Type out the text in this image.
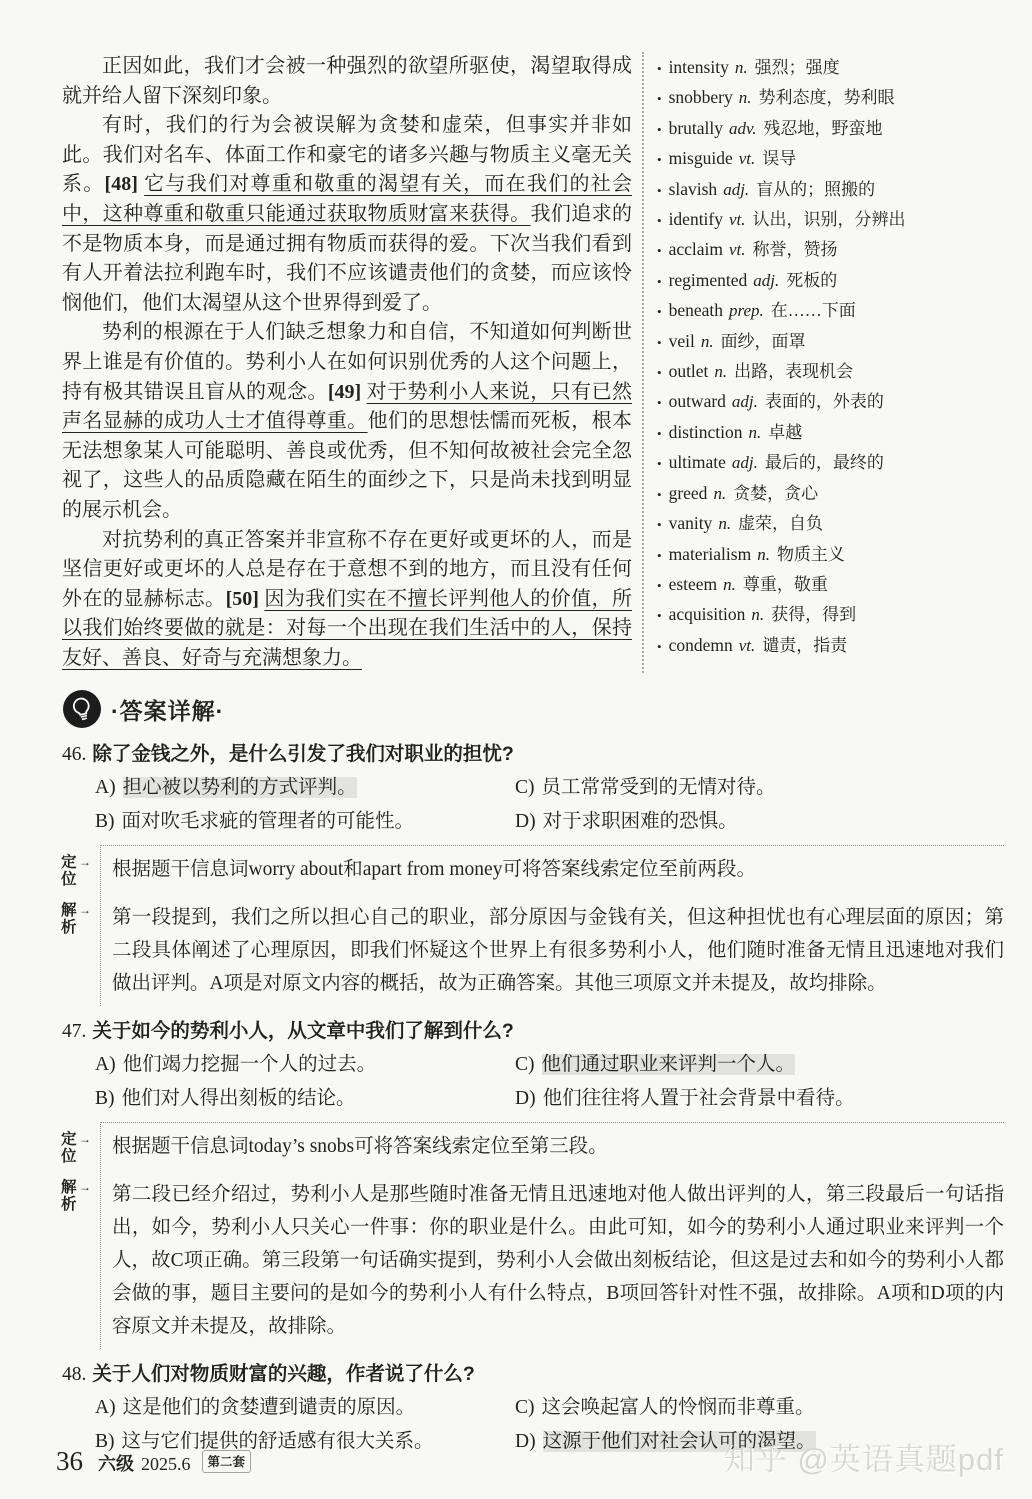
正因如此，我们才会被一种强烈的欲望所驱使，渴望取得成就并给人留下深刻印象。

有时，我们的行为会被误解为贪婪和虚荣，但事实并非如此。我们对名车、体面工作和豪宅的诸多兴趣与物质主义毫无关系。[48] 它与我们对尊重和敬重的渴望有关，而在我们的社会中，这种尊重和敬重只能通过获取物质财富来获得。我们追求的不是物质本身，而是通过拥有物质而获得的爱。下次当我们看到有人开着法拉利跑车时，我们不应该谴责他们的贪婪，而应该怜悯他们，他们太渴望从这个世界得到爱了。

势利的根源在于人们缺乏想象力和自信，不知道如何判断世界上谁是有价值的。势利小人在如何识别优秀的人这个问题上，持有极其错误且盲从的观念。[49] 对于势利小人来说，只有已然声名显赫的成功人士才值得尊重。他们的思想怯懦而死板，根本无法想象某人可能聪明、善良或优秀，但不知何故被社会完全忽视了，这些人的品质隐藏在陌生的面纱之下，只是尚未找到明显的展示机会。

对抗势利的真正答案并非宣称不存在更好或更坏的人，而是坚信更好或更坏的人总是存在于意想不到的地方，而且没有任何外在的显赫标志。[50] 因为我们实在不擅长评判他人的价值，所以我们始终要做的就是：对每一个出现在我们生活中的人，保持友好、善良、好奇与充满想象力。

• intensity n. 强烈；强度
• snobbery n. 势利态度，势利眼
• brutally adv. 残忍地，野蛮地
• misguide vt. 误导
• slavish adj. 盲从的；照搬的
• identify vt. 认出，识别，分辨出
• acclaim vt. 称誉，赞扬
• regimented adj. 死板的
• beneath prep. 在……下面
• veil n. 面纱，面罩
• outlet n. 出路，表现机会
• outward adj. 表面的，外表的
• distinction n. 卓越
• ultimate adj. 最后的，最终的
• greed n. 贪婪，贪心
• vanity n. 虚荣，自负
• materialism n. 物质主义
• esteem n. 尊重，敬重
• acquisition n. 获得，得到
• condemn vt. 谴责，指责
·答案详解·
46. 除了金钱之外，是什么引发了我们对职业的担忧?
A) 担心被以势利的方式评判。	C) 员工常常受到的无情对待。
B) 面对吹毛求疵的管理者的可能性。	D) 对于求职困难的恐惧。
定位→	根据题干信息词worry about和apart from money可将答案线索定位至前两段。
解析→	第一段提到，我们之所以担心自己的职业，部分原因与金钱有关，但这种担忧也有心理层面的原因；第二段具体阐述了心理原因，即我们怀疑这个世界上有很多势利小人，他们随时准备无情且迅速地对我们做出评判。A项是对原文内容的概括，故为正确答案。其他三项原文并未提及，故均排除。
47. 关于如今的势利小人，从文章中我们了解到什么?
A) 他们竭力挖掘一个人的过去。	C) 他们通过职业来评判一个人。
B) 他们对人得出刻板的结论。	D) 他们往往将人置于社会背景中看待。
定位→	根据题干信息词today’s snobs可将答案线索定位至第三段。
解析→	第二段已经介绍过，势利小人是那些随时准备无情且迅速地对他人做出评判的人，第三段最后一句话指出，如今，势利小人只关心一件事：你的职业是什么。由此可知，如今的势利小人通过职业来评判一个人，故C项正确。第三段第一句话确实提到，势利小人会做出刻板结论，但这是过去和如今的势利小人都会做的事，题目主要问的是如今的势利小人有什么特点，B项回答针对性不强，故排除。A项和D项的内容原文并未提及，故排除。
48. 关于人们对物质财富的兴趣，作者说了什么?
A) 这是他们的贪婪遭到谴责的原因。	C) 这会唤起富人的怜悯而非尊重。
B) 这与它们提供的舒适感有很大关系。	D) 这源于他们对社会认可的渴望。
36 六级 2025.6	第二套	知乎 @英语真题pdf
